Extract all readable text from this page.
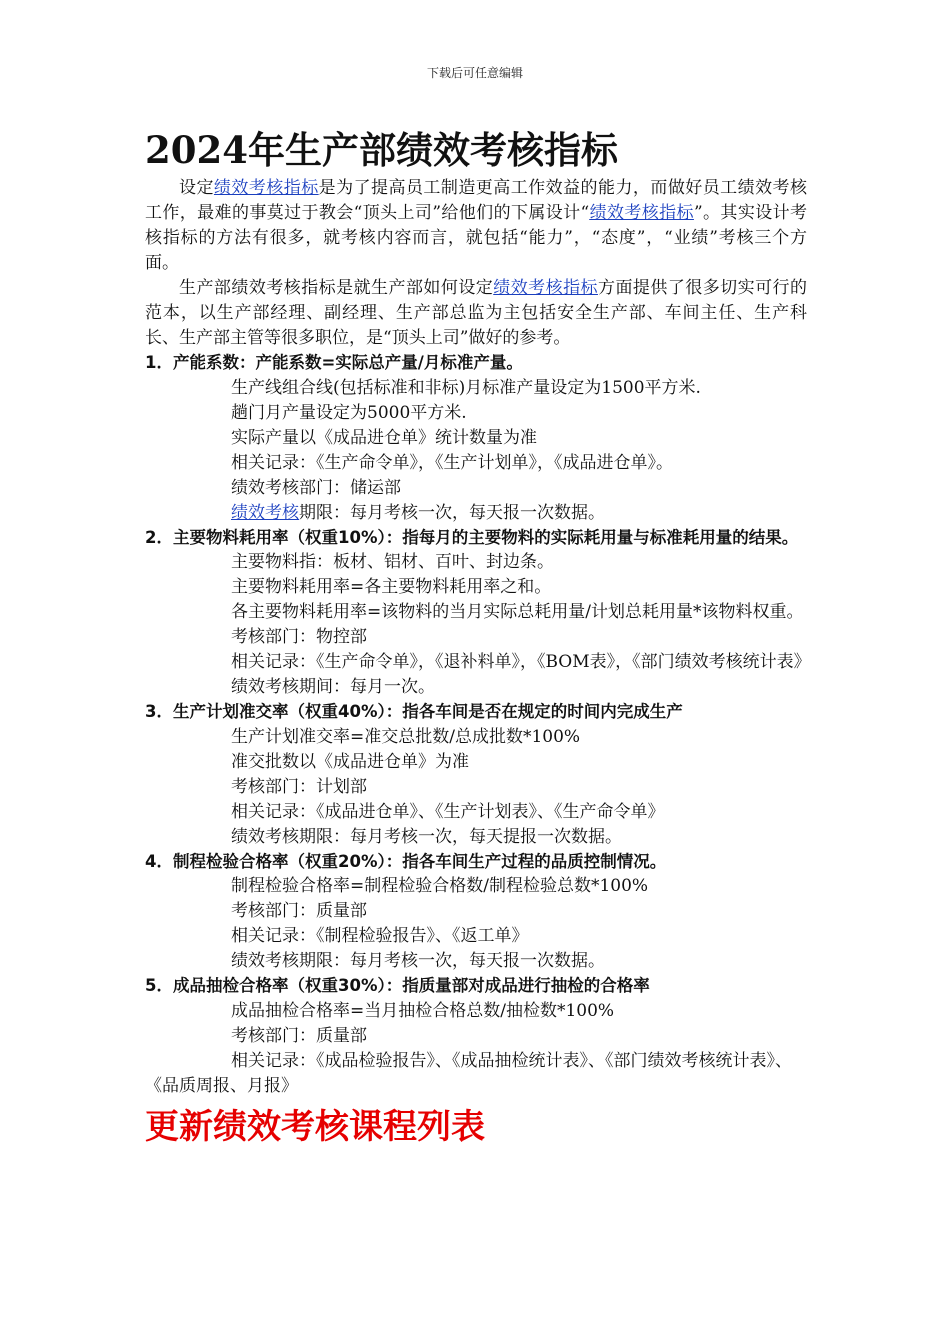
下载后可任意编辑
2024年生产部绩效考核指标

设定绩效考核指标是为了提高员工制造更高工作效益的能力，而做好员工绩效考核工作，最难的事莫过于教会“顶头上司”给他们的下属设计“绩效考核指标”。其实设计考核指标的方法有很多，就考核内容而言，就包括“能力”，“态度”，“业绩”考核三个方面。

生产部绩效考核指标是就生产部如何设定绩效考核指标方面提供了很多切实可行的范本，以生产部经理、副经理、生产部总监为主包括安全生产部、车间主任、生产科长、生产部主管等很多职位，是“顶头上司”做好的参考。

1．产能系数：产能系数=实际总产量/月标准产量。

生产线组合线(包括标准和非标)月标准产量设定为1500平方米.

趟门月产量设定为5000平方米.

实际产量以《成品进仓单》统计数量为准

相关记录：《生产命令单》，《生产计划单》，《成品进仓单》。

绩效考核部门：储运部

绩效考核期限：每月考核一次，每天报一次数据。

2．主要物料耗用率（权重10%）：指每月的主要物料的实际耗用量与标准耗用量的结果。

主要物料指：板材、铝材、百叶、封边条。

主要物料耗用率=各主要物料耗用率之和。

各主要物料耗用率=该物料的当月实际总耗用量/计划总耗用量*该物料权重。

考核部门：物控部

相关记录：《生产命令单》，《退补料单》，《BOM表》，《部门绩效考核统计表》

绩效考核期间：每月一次。

3．生产计划准交率（权重40%）：指各车间是否在规定的时间内完成生产

生产计划准交率=准交总批数/总成批数*100%

准交批数以《成品进仓单》为准

考核部门：计划部

相关记录：《成品进仓单》、《生产计划表》、《生产命令单》

绩效考核期限：每月考核一次，每天提报一次数据。

4．制程检验合格率（权重20%）：指各车间生产过程的品质控制情况。

制程检验合格率=制程检验合格数/制程检验总数*100%

考核部门：质量部

相关记录：《制程检验报告》、《返工单》

绩效考核期限：每月考核一次，每天报一次数据。

5．成品抽检合格率（权重30%）：指质量部对成品进行抽检的合格率

成品抽检合格率=当月抽检合格总数/抽检数*100%

考核部门：质量部

相关记录：《成品检验报告》、《成品抽检统计表》、《部门绩效考核统计表》、《品质周报、月报》

更新绩效考核课程列表
